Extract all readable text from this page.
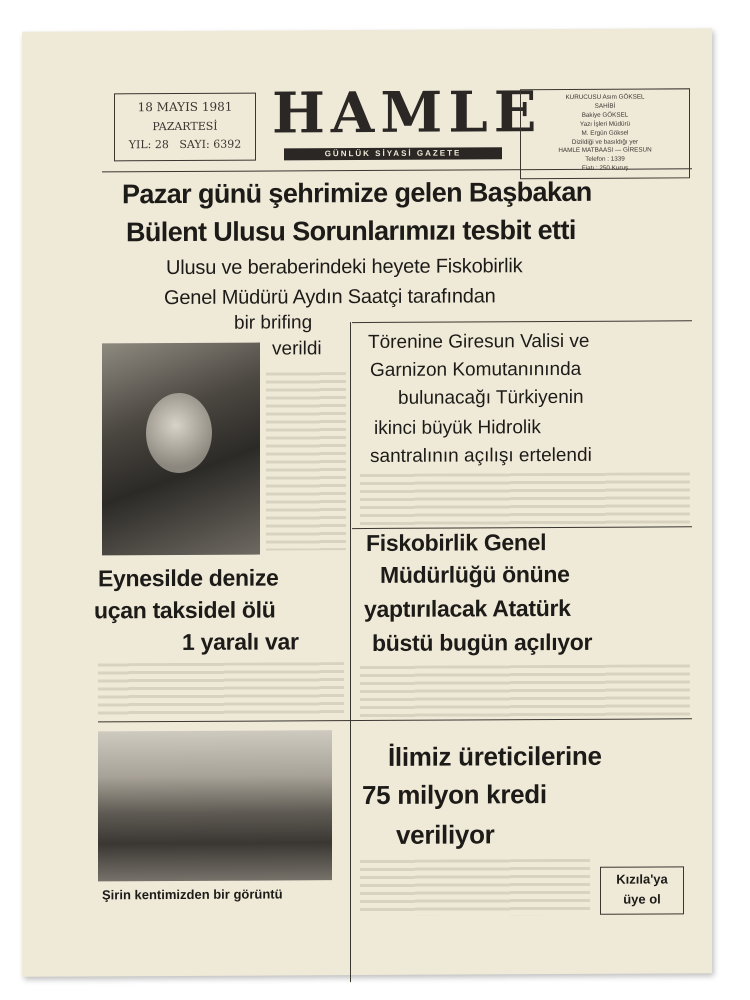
18 MAYIS 1981
PAZARTESİ
YIL: 28   SAYI: 6392 HAMLE
GÜNLÜK SİYASİ GAZETE
KURUCUSU Asım GÖKSEL
SAHİBİ
Bakiye GÖKSEL
Yazı İşleri Müdürü
M. Ergün Göksel
Dizildiği ve basıldığı yer
HAMLE MATBAASI — GİRESUN
Telefon : 1339
Pazar günü şehrimize gelen Başbakan
Bülent Ulusu Sorunlarımızı tesbit etti
Ulusu ve beraberindeki heyete Fiskobirlik
Genel Müdürü Aydın Saatçi tarafından
bir brifing
verildi Törenine Giresun Valisi ve
Garnizon Komutanınında
bulunacağı Türkiyenin
ikinci büyük Hidrolik
santralının açılışı ertelendi
Eynesilde denize
uçan taksidel ölü
1 yaralı var
Fiskobirlik Genel
Müdürlüğü önüne
yaptırılacak Atatürk
büstü bugün açılıyor
Şirin kentimizden bir görüntü
İlimiz üreticilerine
75 milyon kredi
veriliyor
Kızıla'ya
üye ol
